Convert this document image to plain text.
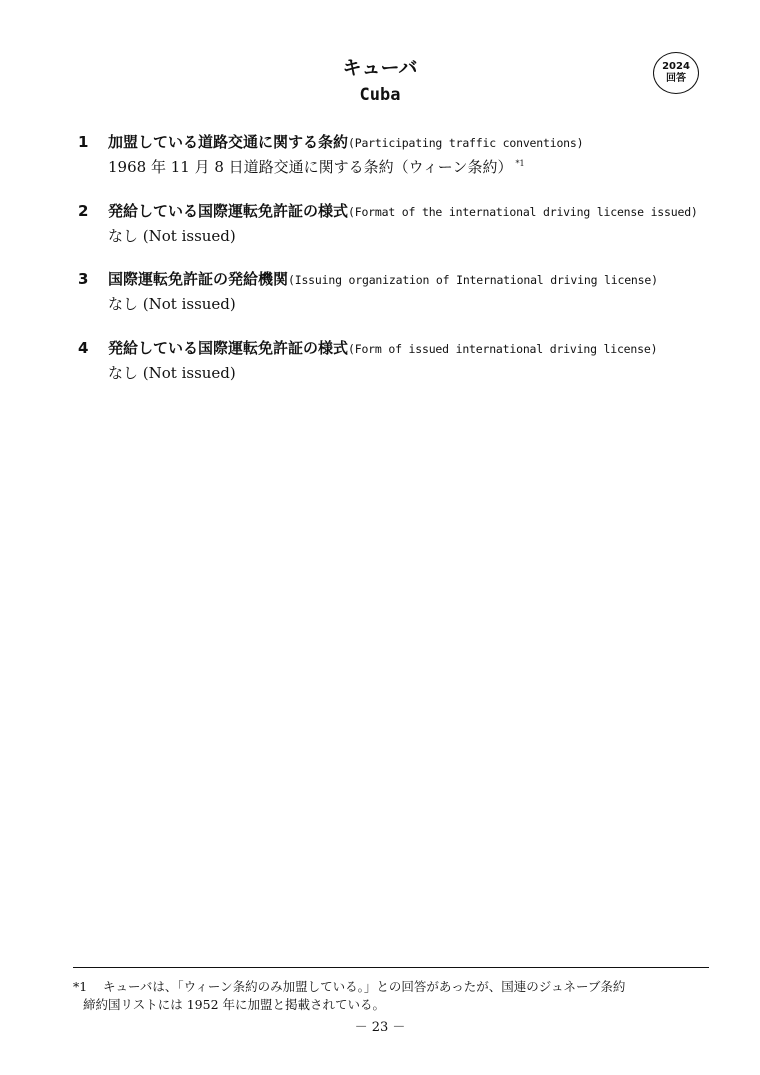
キューバ
Cuba
2024
回答
1	加盟している道路交通に関する条約 (Participating traffic conventions)
1968 年 11 月 8 日道路交通に関する条約（ウィーン条約） $^{*1}$
2	発給している国際運転免許証の様式 (Format of the international driving license issued)
なし (Not issued)
3	国際運転免許証の発給機関 (Issuing organization of International driving license)
なし (Not issued)
4	発給している国際運転免許証の様式 (Form of issued international driving license)
なし (Not issued)
*1 キューバは、「ウィーン条約のみ加盟している。」との回答があったが、国連のジュネーブ条約
締約国リストには 1952 年に加盟と掲載されている。
－ 23 －
